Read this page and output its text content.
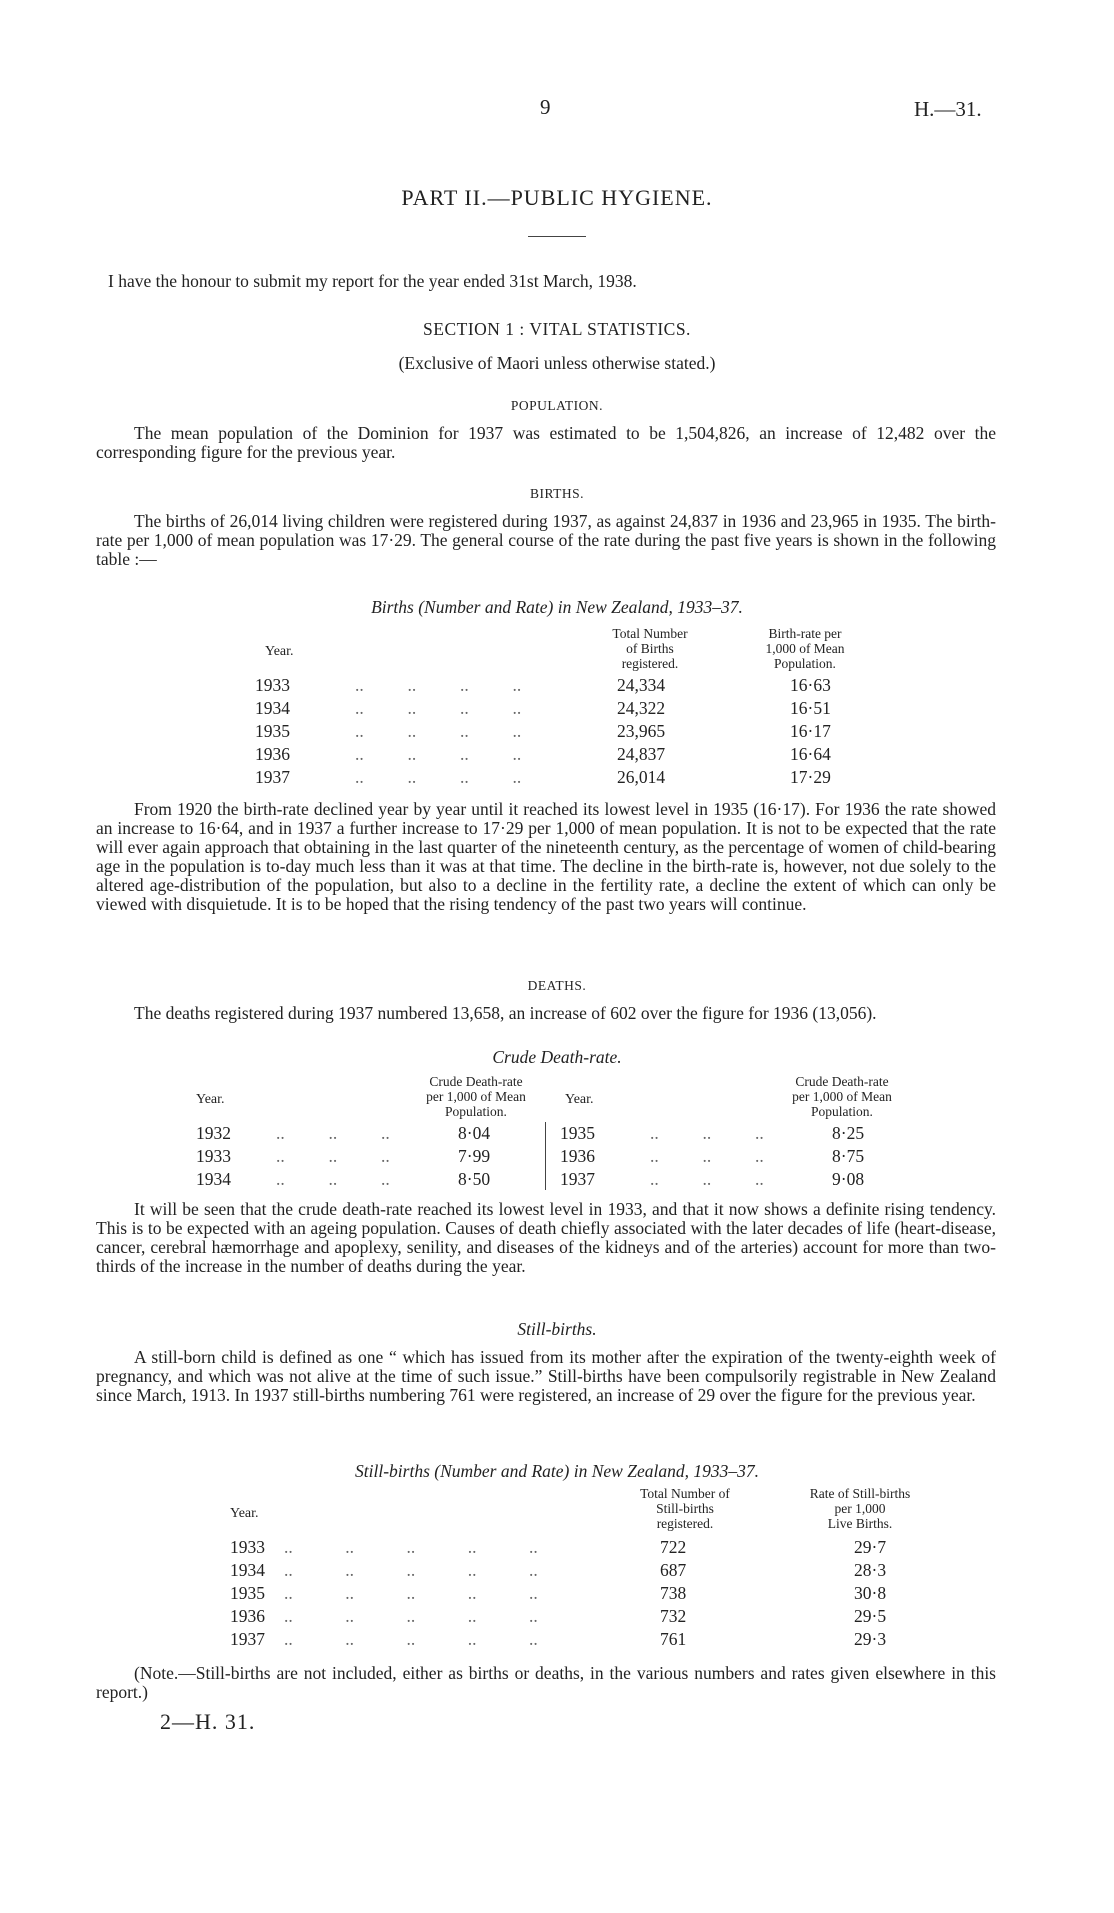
9	H.—31.
PART II.—PUBLIC HYGIENE.
I have the honour to submit my report for the year ended 31st March, 1938.
SECTION 1 : VITAL STATISTICS.
(Exclusive of Maori unless otherwise stated.)
POPULATION.
The mean population of the Dominion for 1937 was estimated to be 1,504,826, an increase of 12,482 over the corresponding figure for the previous year.
BIRTHS.
The births of 26,014 living children were registered during 1937, as against 24,837 in 1936 and 23,965 in 1935. The birth-rate per 1,000 of mean population was 17·29. The general course of the rate during the past five years is shown in the following table :—
Births (Number and Rate) in New Zealand, 1933–37.
Year.
Total Number
of Births
registered.
Birth-rate per
1,000 of Mean
Population.
1933	..          ..          ..          ..	24,334	16·63
1934	..          ..          ..          ..	24,322	16·51
1935	..          ..          ..          ..	23,965	16·17
1936	..          ..          ..          ..	24,837	16·64
1937	..          ..          ..          ..	26,014	17·29
From 1920 the birth-rate declined year by year until it reached its lowest level in 1935 (16·17). For 1936 the rate showed an increase to 16·64, and in 1937 a further increase to 17·29 per 1,000 of mean population. It is not to be expected that the rate will ever again approach that obtaining in the last quarter of the nineteenth century, as the percentage of women of child-bearing age in the population is to-day much less than it was at that time. The decline in the birth-rate is, however, not due solely to the altered age-distribution of the population, but also to a decline in the fertility rate, a decline the extent of which can only be viewed with disquietude. It is to be hoped that the rising tendency of the past two years will continue.
DEATHS.
The deaths registered during 1937 numbered 13,658, an increase of 602 over the figure for 1936 (13,056).
Crude Death-rate.
Year.
Crude Death-rate
per 1,000 of Mean
Population.
Year.
Crude Death-rate
per 1,000 of Mean
Population.
1932	..          ..          ..	8·04
1933	..          ..          ..	7·99
1934	..          ..          ..	8·50
1935	..          ..          ..	8·25
1936	..          ..          ..	8·75
1937	..          ..          ..	9·08
It will be seen that the crude death-rate reached its lowest level in 1933, and that it now shows a definite rising tendency. This is to be expected with an ageing population. Causes of death chiefly associated with the later decades of life (heart-disease, cancer, cerebral hæmorrhage and apoplexy, senility, and diseases of the kidneys and of the arteries) account for more than two-thirds of the increase in the number of deaths during the year.
Still-births.
A still-born child is defined as one “ which has issued from its mother after the expiration of the twenty-eighth week of pregnancy, and which was not alive at the time of such issue.” Still-births have been compulsorily registrable in New Zealand since March, 1913. In 1937 still-births numbering 761 were registered, an increase of 29 over the figure for the previous year.
Still-births (Number and Rate) in New Zealand, 1933–37.
Year.
Total Number of
Still-births
registered.
Rate of Still-births
per 1,000
Live Births.
1933 ..            ..            ..            ..            ..	722	29·7
1934 ..            ..            ..            ..            ..	687	28·3
1935 ..            ..            ..            ..            ..	738	30·8
1936 ..            ..            ..            ..            ..	732	29·5
1937 ..            ..            ..            ..            ..	761	29·3
(Note.—Still-births are not included, either as births or deaths, in the various numbers and rates given elsewhere in this report.)
2—H. 31.
